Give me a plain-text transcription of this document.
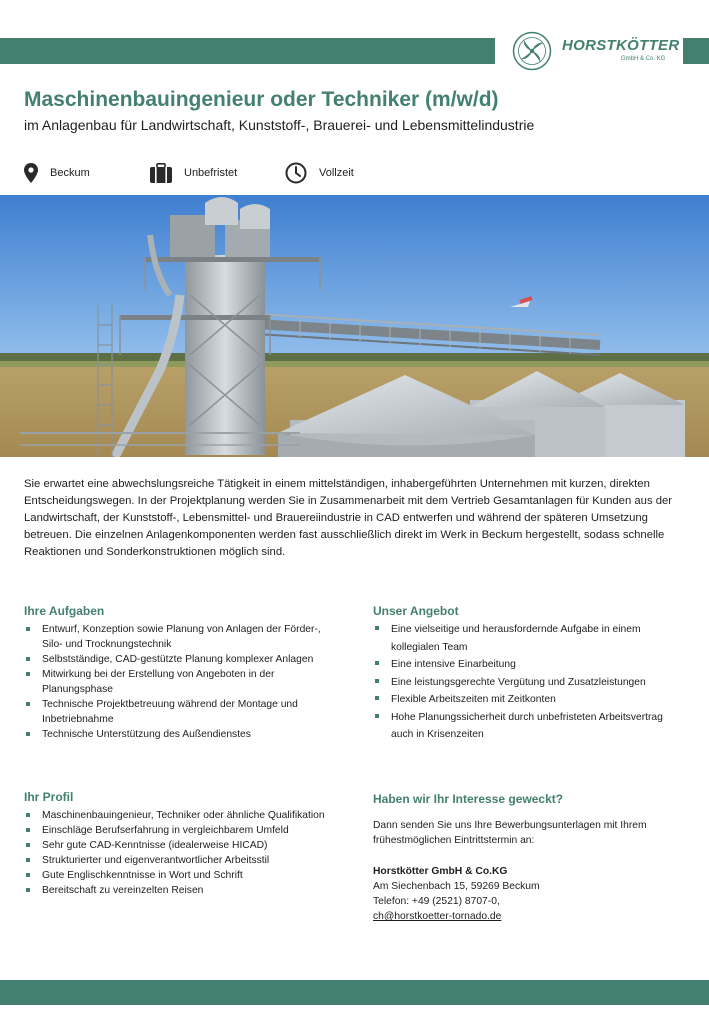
HORSTKÖTTER
GmbH & Co. KG
Maschinenbauingenieur oder Techniker (m/w/d)
im Anlagenbau für Landwirtschaft, Kunststoff-, Brauerei- und Lebensmittelindustrie
Beckum	Unbefristet	Vollzeit

Sie erwartet eine abwechslungsreiche Tätigkeit in einem mittelständigen, inhabergeführten Unternehmen mit kurzen, direkten Entscheidungswegen. In der Projektplanung werden Sie in Zusammenarbeit mit dem Vertrieb Gesamtanlagen für Kunden aus der Landwirtschaft, der Kunststoff-, Lebensmittel- und Brauereiindustrie in CAD entwerfen und während der späteren Umsetzung betreuen. Die einzelnen Anlagenkomponenten werden fast ausschließlich direkt im Werk in Beckum hergestellt, sodass schnelle Reaktionen und Sonderkonstruktionen möglich sind.

Ihre Aufgaben
Entwurf, Konzeption sowie Planung von Anlagen der Förder-, Silo- und Trocknungstechnik
Selbstständige, CAD-gestützte Planung komplexer Anlagen
Mitwirkung bei der Erstellung von Angeboten in der Planungsphase
Technische Projektbetreuung während der Montage und Inbetriebnahme
Technische Unterstützung des Außendienstes
Unser Angebot
Eine vielseitige und herausfordernde Aufgabe in einem kollegialen Team
Eine intensive Einarbeitung
Eine leistungsgerechte Vergütung und Zusatzleistungen
Flexible Arbeitszeiten mit Zeitkonten
Hohe Planungssicherheit durch unbefristeten Arbeitsvertrag auch in Krisenzeiten
Ihr Profil
Maschinenbauingenieur, Techniker oder ähnliche Qualifikation
Einschläge Berufserfahrung in vergleichbarem Umfeld
Sehr gute CAD-Kenntnisse (idealerweise HICAD)
Strukturierter und eigenverantwortlicher Arbeitsstil
Gute Englischkenntnisse in Wort und Schrift
Bereitschaft zu vereinzelten Reisen
Haben wir Ihr Interesse geweckt?

Dann senden Sie uns Ihre Bewerbungsunterlagen mit Ihrem frühestmöglichen Eintrittstermin an:

Horstkötter GmbH & Co.KG

Am Siechenbach 15, 59269 Beckum

Telefon: +49 (2521) 8707-0,

ch@horstkoetter-tornado.de
